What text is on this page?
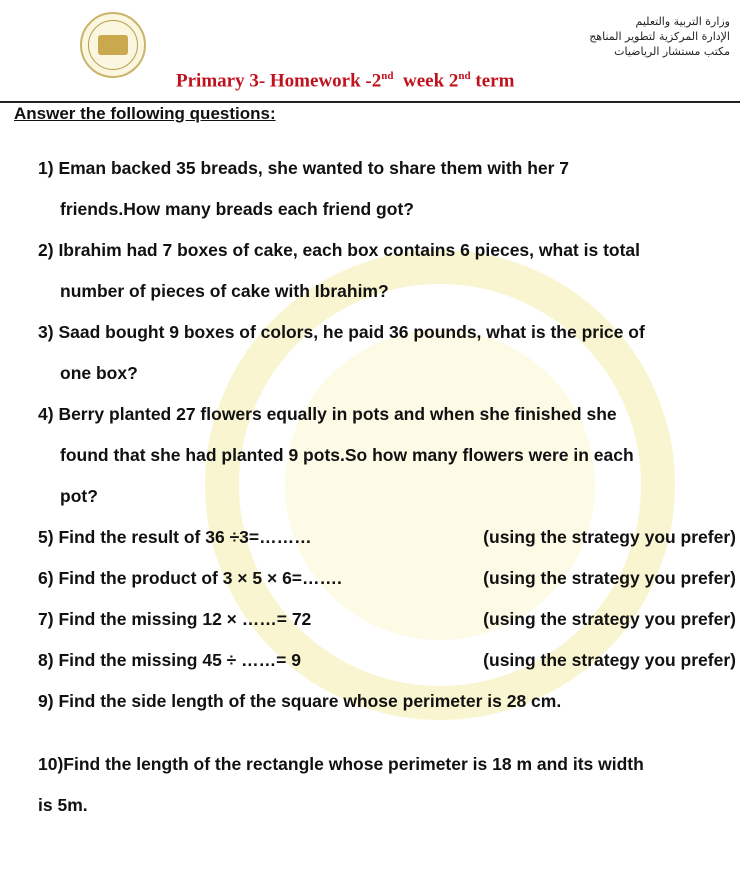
وزارة التربية والتعليم
الإدارة المركزية لتطوير المناهج
مكتب مستشار الرياضيات
Primary 3- Homework -2nd week 2nd term
Answer the following questions:
1) Eman backed 35 breads, she wanted to share them with her 7
friends.How many breads each friend got?
2) Ibrahim had 7 boxes of cake, each box contains 6 pieces, what is total
number of pieces of cake with Ibrahim?
3) Saad bought 9 boxes of colors, he paid 36 pounds, what is the price of
one box?
4) Berry planted 27 flowers equally in pots and when she finished she
found that she had planted 9 pots.So how many flowers were in each
pot?
5) Find the result of 36 ÷3=………	(using the strategy you prefer)
6) Find the product of 3 × 5 × 6=…….	(using the strategy you prefer)
7) Find the missing 12 × ……= 72	(using the strategy you prefer)
8) Find the missing 45 ÷ ……= 9	(using the strategy you prefer)
9) Find the side length of the square whose perimeter is 28 cm.
10)Find the length of the rectangle whose perimeter is 18 m and its width
is 5m.
